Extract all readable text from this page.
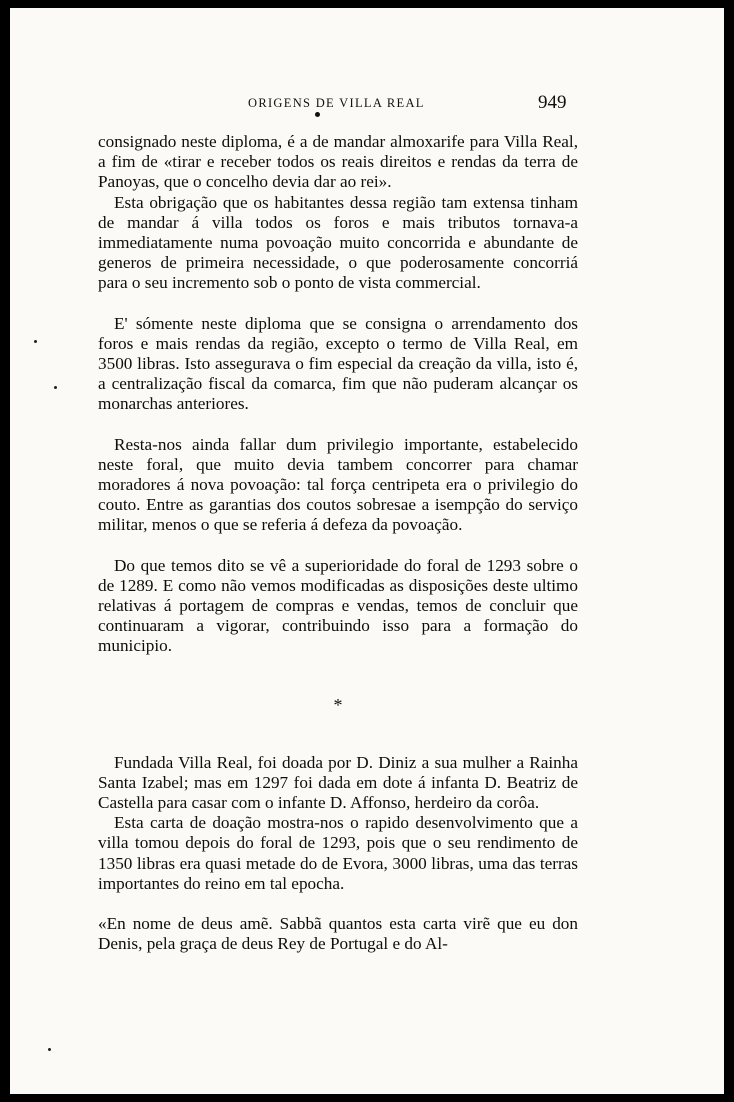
ORIGENS DE VILLA REAL	949

consignado neste diploma, é a de mandar almoxarife para Villa Real, a fim de «tirar e receber todos os reais direitos e rendas da terra de Panoyas, que o concelho devia dar ao rei».

Esta obrigação que os habitantes dessa região tam extensa tinham de mandar á villa todos os foros e mais tributos tornava-a immediatamente numa povoação muito concorrida e abundante de generos de primeira necessidade, o que poderosamente concorriá para o seu incremento sob o ponto de vista commercial.

E' sómente neste diploma que se consigna o arrendamento dos foros e mais rendas da região, excepto o termo de Villa Real, em 3500 libras. Isto assegurava o fim especial da creação da villa, isto é, a centralização fiscal da comarca, fim que não puderam alcançar os monarchas anteriores.

Resta-nos ainda fallar dum privilegio importante, estabelecido neste foral, que muito devia tambem concorrer para chamar moradores á nova povoação: tal força centripeta era o privilegio do couto. Entre as garantias dos coutos sobresae a isempção do serviço militar, menos o que se referia á defeza da povoação.

Do que temos dito se vê a superioridade do foral de 1293 sobre o de 1289. E como não vemos modificadas as disposições deste ultimo relativas á portagem de compras e vendas, temos de concluir que continuaram a vigorar, contribuindo isso para a formação do municipio.

*

Fundada Villa Real, foi doada por D. Diniz a sua mulher a Rainha Santa Izabel; mas em 1297 foi dada em dote á infanta D. Beatriz de Castella para casar com o infante D. Affonso, herdeiro da corôa.

Esta carta de doação mostra-nos o rapido desenvolvimento que a villa tomou depois do foral de 1293, pois que o seu rendimento de 1350 libras era quasi metade do de Evora, 3000 libras, uma das terras importantes do reino em tal epocha.

«En nome de deus amẽ. Sabbã quantos esta carta virẽ que eu don Denis, pela graça de deus Rey de Portugal e do Al-
